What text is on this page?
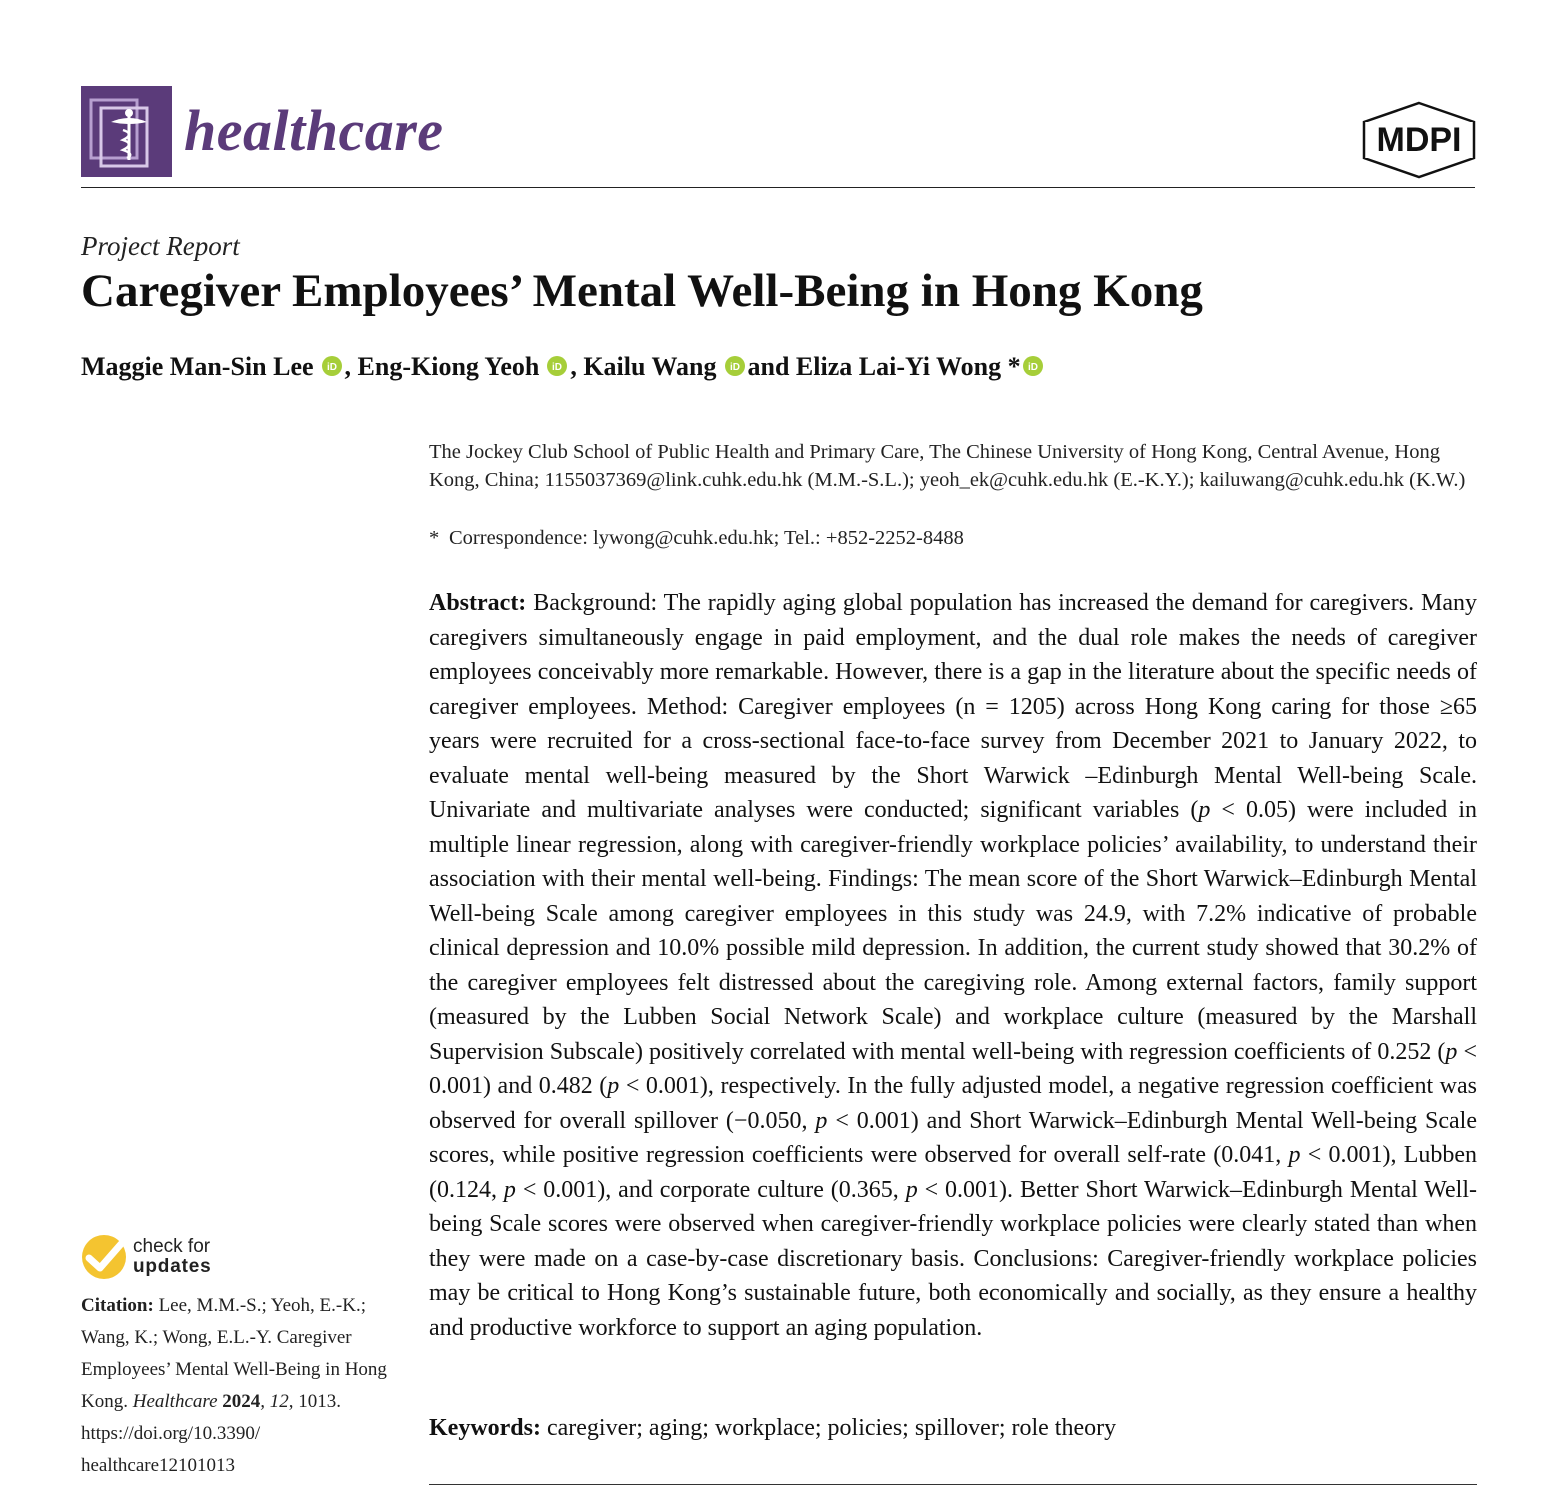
healthcare	MDPI
Project Report
Caregiver Employees’ Mental Well-Being in Hong Kong
Maggie Man-Sin Lee iD , Eng-Kiong Yeoh iD , Kailu Wang iD and Eliza Lai-Yi Wong * iD
The Jockey Club School of Public Health and Primary Care, The Chinese University of Hong Kong, Central Avenue, Hong Kong, China; 1155037369@link.cuhk.edu.hk (M.M.-S.L.); yeoh_ek@cuhk.edu.hk (E.-K.Y.); kailuwang@cuhk.edu.hk (K.W.)
* Correspondence: lywong@cuhk.edu.hk; Tel.: +852-2252-8488
Abstract: Background: The rapidly aging global population has increased the demand for caregivers. Many caregivers simultaneously engage in paid employment, and the dual role makes the needs of caregiver employees conceivably more remarkable. However, there is a gap in the literature about the specific needs of caregiver employees. Method: Caregiver employees (n = 1205) across Hong Kong caring for those ≥65 years were recruited for a cross-sectional face-to-face survey from December 2021 to January 2022, to evaluate mental well-being measured by the Short Warwick –Edinburgh Mental Well-being Scale. Univariate and multivariate analyses were conducted; significant variables (p < 0.05) were included in multiple linear regression, along with caregiver-friendly workplace policies’ availability, to understand their association with their mental well-being. Findings: The mean score of the Short Warwick–Edinburgh Mental Well-being Scale among caregiver employees in this study was 24.9, with 7.2% indicative of probable clinical depression and 10.0% possible mild depression. In addition, the current study showed that 30.2% of the caregiver employees felt distressed about the caregiving role. Among external factors, family support (measured by the Lubben Social Network Scale) and workplace culture (measured by the Marshall Supervision Subscale) positively correlated with mental well-being with regression coefficients of 0.252 (p < 0.001) and 0.482 (p < 0.001), respectively. In the fully adjusted model, a negative regression coefficient was observed for overall spillover (−0.050, p < 0.001) and Short Warwick–Edinburgh Mental Well-being Scale scores, while positive regression coefficients were observed for overall self-rate (0.041, p < 0.001), Lubben (0.124, p < 0.001), and corporate culture (0.365, p < 0.001). Better Short Warwick–Edinburgh Mental Well-being Scale scores were observed when caregiver-friendly workplace policies were clearly stated than when they were made on a case-by-case discretionary basis. Conclusions: Caregiver-friendly workplace policies may be critical to Hong Kong’s sustainable future, both economically and socially, as they ensure a healthy and productive workforce to support an aging population.
Keywords: caregiver; aging; workplace; policies; spillover; role theory
check for
updates
Citation: Lee, M.M.-S.; Yeoh, E.-K.; Wang, K.; Wong, E.L.-Y. Caregiver Employees’ Mental Well-Being in Hong Kong. Healthcare 2024, 12, 1013. https://doi.org/10.3390/ healthcare12101013
